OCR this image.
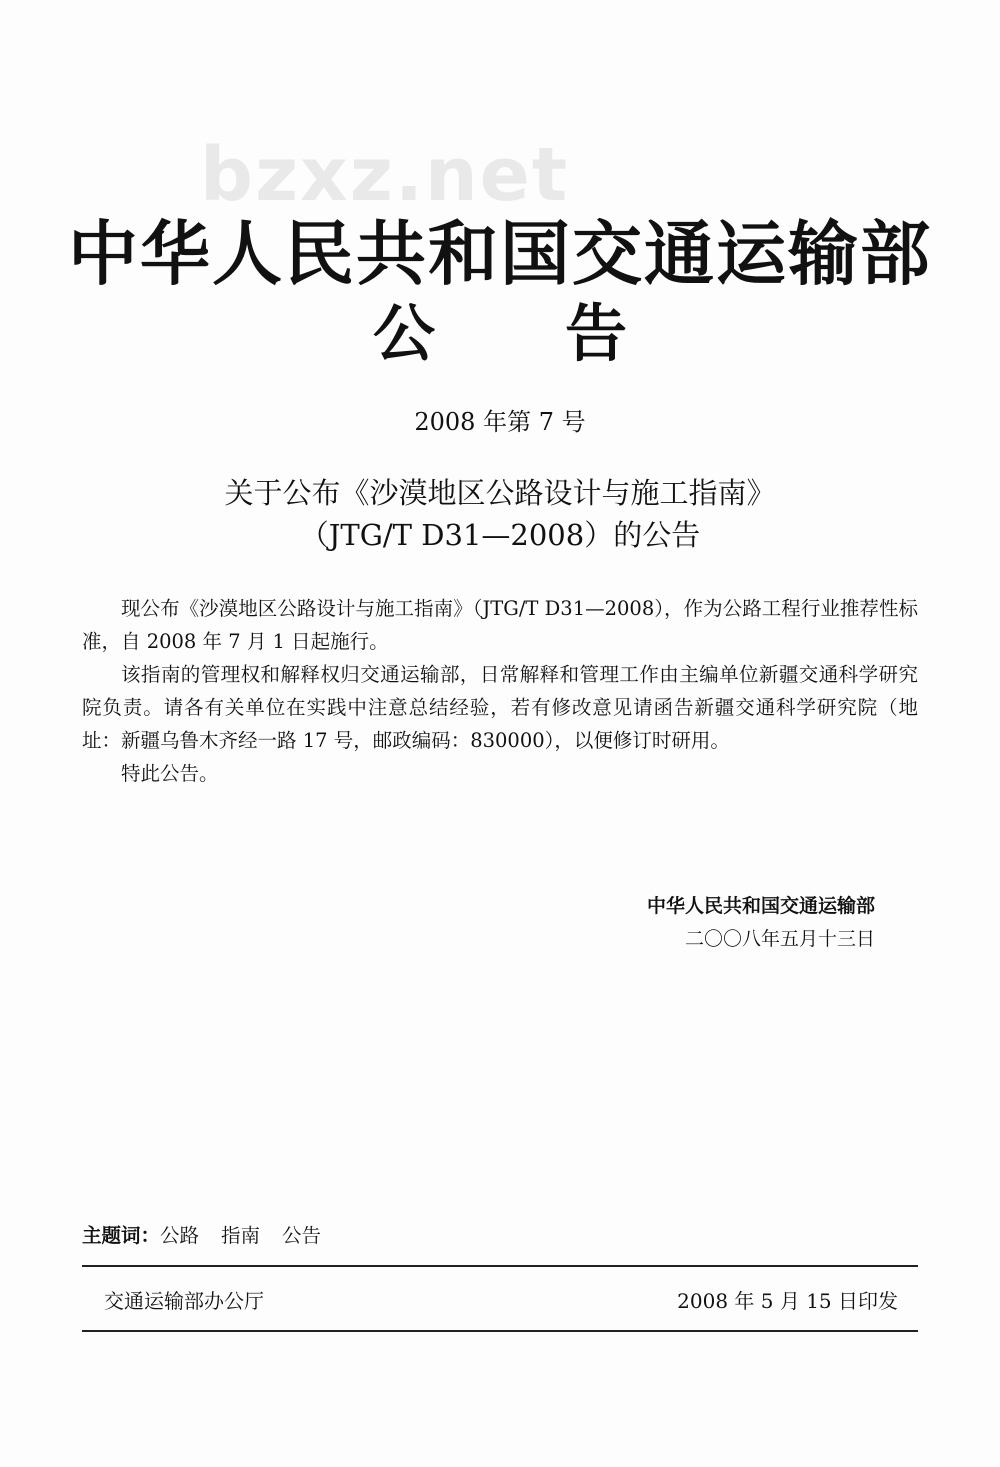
bzxz.net
中华人民共和国交通运输部
公 告
2008 年第 7 号
关于公布《沙漠地区公路设计与施工指南》
（JTG/T D31—2008）的公告

现公布《沙漠地区公路设计与施工指南》（JTG/T D31—2008），作为公路工程行业推荐性标准，自 2008 年 7 月 1 日起施行。

该指南的管理权和解释权归交通运输部，日常解释和管理工作由主编单位新疆交通科学研究院负责。请各有关单位在实践中注意总结经验，若有修改意见请函告新疆交通科学研究院（地址：新疆乌鲁木齐经一路 17 号，邮政编码：830000），以便修订时研用。

特此公告。

中华人民共和国交通运输部
二〇〇八年五月十三日
主题词：公路 指南 公告
交通运输部办公厅	2008 年 5 月 15 日印发
